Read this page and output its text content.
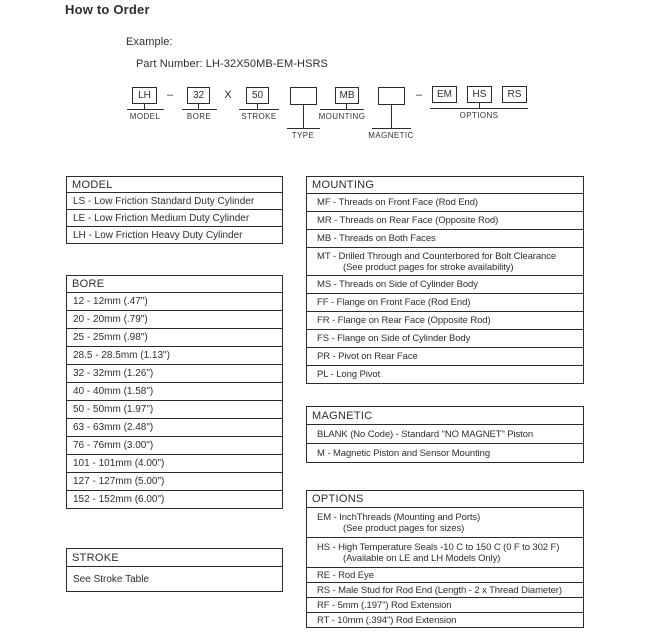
How to Order
Example:
Part Number: LH-32X50MB-EM-HSRS
LH	–	32	X	50	MB	–	EM	HS	RS
MODEL	BORE	STROKE	MOUNTING	OPTIONS
TYPE	MAGNETIC
MODEL
LS - Low Friction Standard Duty Cylinder
LE - Low Friction Medium Duty Cylinder
LH - Low Friction Heavy Duty Cylinder
BORE
12 - 12mm (.47")
20 - 20mm (.79")
25 - 25mm (.98")
28.5 - 28.5mm (1.13")
32 - 32mm (1.26")
40 - 40mm (1.58")
50 - 50mm (1.97")
63 - 63mm (2.48")
76 - 76mm (3.00")
101 - 101mm (4.00")
127 - 127mm (5.00")
152 - 152mm (6.00")
STROKE
See Stroke Table
MOUNTING
MF - Threads on Front Face (Rod End)
MR - Threads on Rear Face (Opposite Rod)
MB - Threads on Both Faces
MT - Drilled Through and Counterbored for Bolt Clearance
(See product pages for stroke availability)
MS - Threads on Side of Cylinder Body
FF - Flange on Front Face (Rod End)
FR - Flange on Rear Face (Opposite Rod)
FS - Flange on Side of Cylinder Body
PR - Pivot on Rear Face
PL - Long Pivot
MAGNETIC
BLANK (No Code) - Standard "NO MAGNET" Piston
M - Magnetic Piston and Sensor Mounting
OPTIONS
EM - InchThreads (Mounting and Ports)
(See product pages for sizes)
HS - High Temperature Seals -10 C to 150 C (0 F to 302 F)
(Available on LE and LH Models Only)
RE - Rod Eye
RS - Male Stud for Rod End (Length - 2 x Thread Diameter)
RF - 5mm (.197") Rod Extension
RT - 10mm (.394") Rod Extension
